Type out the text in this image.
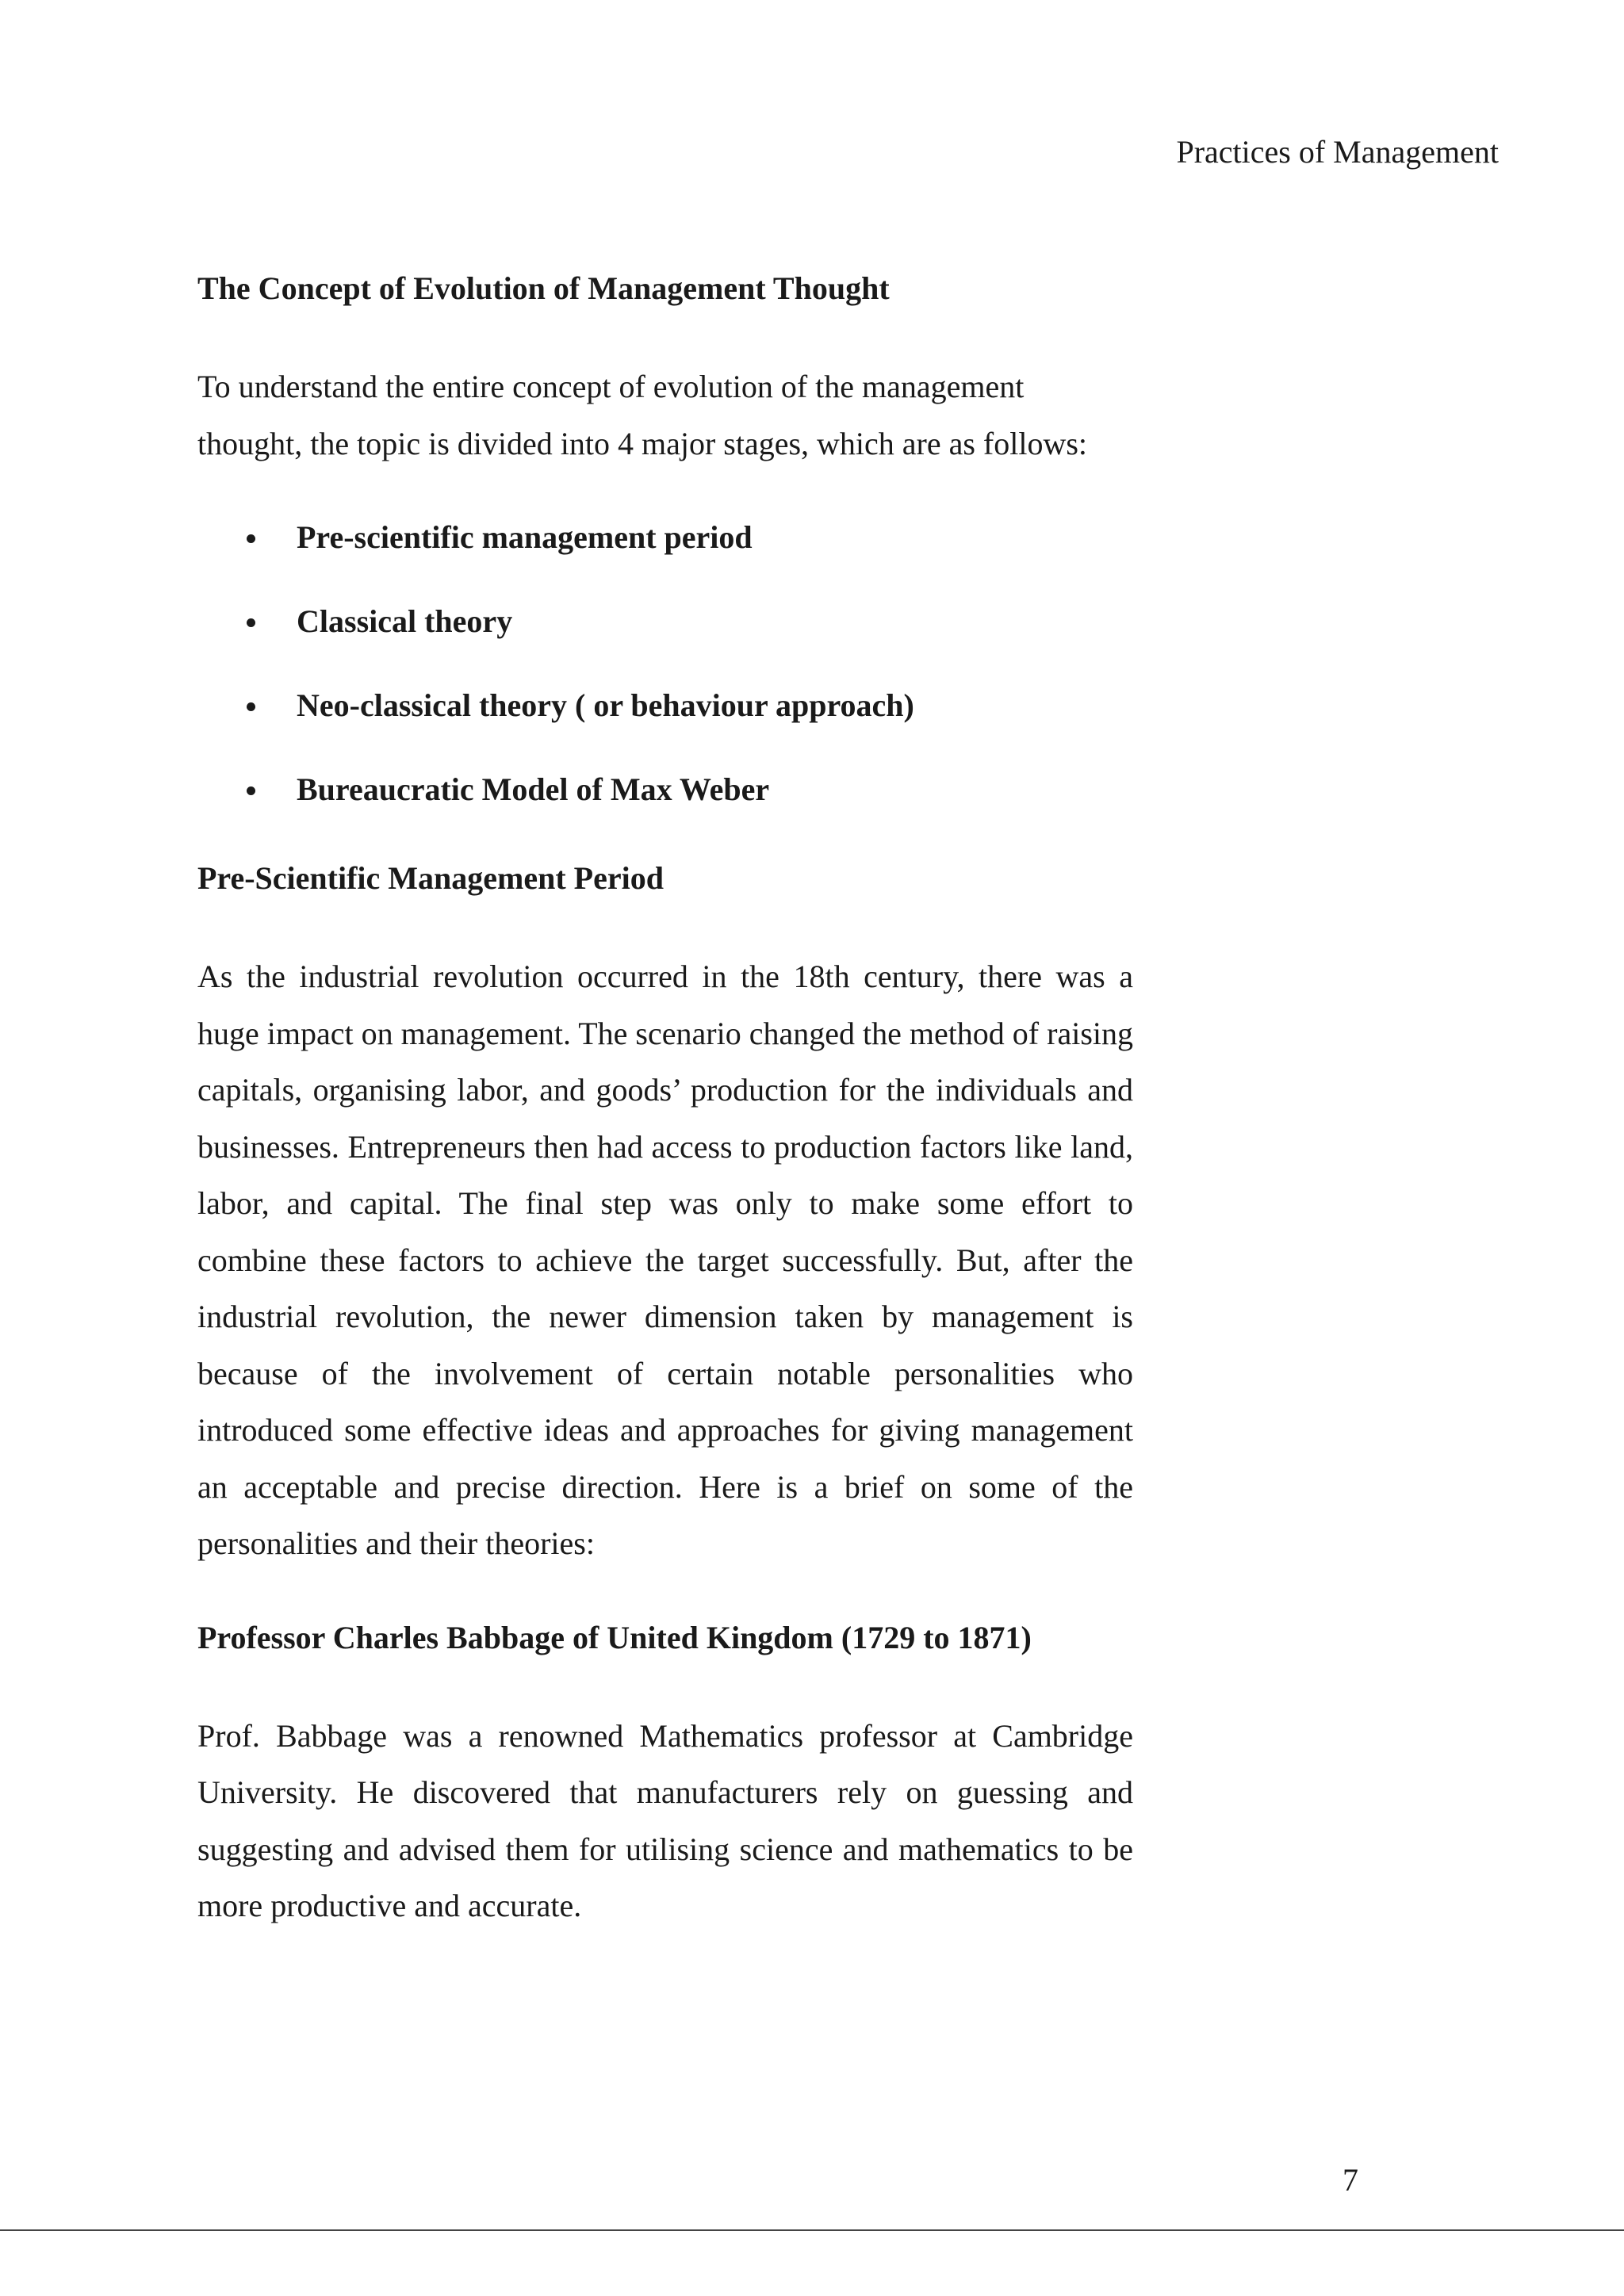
Practices of Management
The Concept of Evolution of Management Thought

To understand the entire concept of evolution of the management
thought, the topic is divided into 4 major stages, which are as follows:

Pre-scientific management period
Classical theory
Neo-classical theory ( or behaviour approach)
Bureaucratic Model of Max Weber
Pre-Scientific Management Period

As the industrial revolution occurred in the 18th century, there was a huge impact on management. The scenario changed the method of raising capitals, organising labor, and goods’ production for the individuals and businesses. Entrepreneurs then had access to production factors like land, labor, and capital. The final step was only to make some effort to combine these factors to achieve the target successfully. But, after the industrial revolution, the newer dimension taken by management is because of the involvement of certain notable personalities who introduced some effective ideas and approaches for giving management an acceptable and precise direction. Here is a brief on some of the personalities and their theories:

Professor Charles Babbage of United Kingdom (1729 to 1871)

Prof. Babbage was a renowned Mathematics professor at Cambridge University. He discovered that manufacturers rely on guessing and suggesting and advised them for utilising science and mathematics to be more productive and accurate.

7
